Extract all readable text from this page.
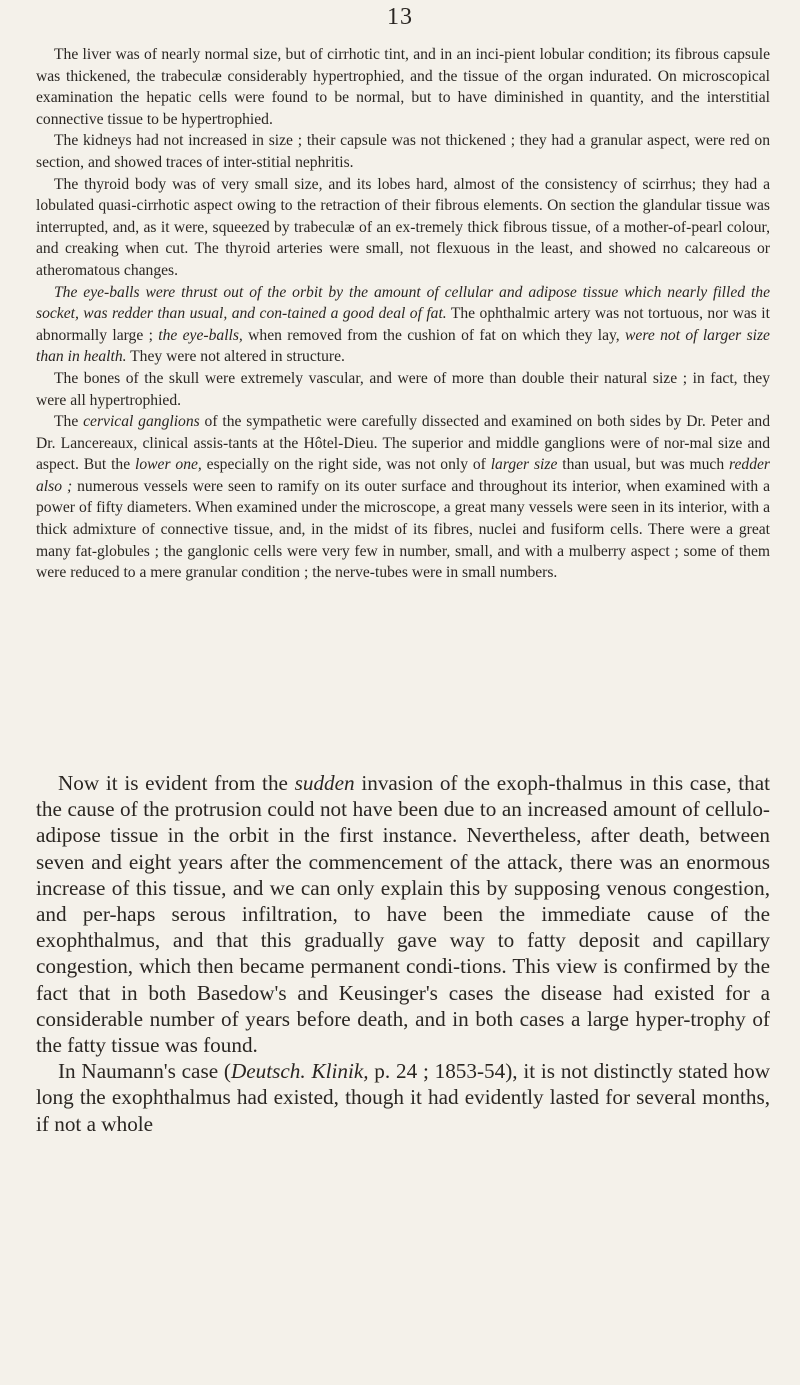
13

The liver was of nearly normal size, but of cirrhotic tint, and in an inci-pient lobular condition; its fibrous capsule was thickened, the trabeculæ considerably hypertrophied, and the tissue of the organ indurated. On microscopical examination the hepatic cells were found to be normal, but to have diminished in quantity, and the interstitial connective tissue to be hypertrophied.

The kidneys had not increased in size ; their capsule was not thickened ; they had a granular aspect, were red on section, and showed traces of inter-stitial nephritis.

The thyroid body was of very small size, and its lobes hard, almost of the consistency of scirrhus; they had a lobulated quasi-cirrhotic aspect owing to the retraction of their fibrous elements. On section the glandular tissue was interrupted, and, as it were, squeezed by trabeculæ of an ex-tremely thick fibrous tissue, of a mother-of-pearl colour, and creaking when cut. The thyroid arteries were small, not flexuous in the least, and showed no calcareous or atheromatous changes.

The eye-balls were thrust out of the orbit by the amount of cellular and adipose tissue which nearly filled the socket, was redder than usual, and con-tained a good deal of fat. The ophthalmic artery was not tortuous, nor was it abnormally large ; the eye-balls, when removed from the cushion of fat on which they lay, were not of larger size than in health. They were not altered in structure.

The bones of the skull were extremely vascular, and were of more than double their natural size ; in fact, they were all hypertrophied.

The cervical ganglions of the sympathetic were carefully dissected and examined on both sides by Dr. Peter and Dr. Lancereaux, clinical assis-tants at the Hôtel-Dieu. The superior and middle ganglions were of nor-mal size and aspect. But the lower one, especially on the right side, was not only of larger size than usual, but was much redder also ; numerous vessels were seen to ramify on its outer surface and throughout its interior, when examined with a power of fifty diameters. When examined under the microscope, a great many vessels were seen in its interior, with a thick admixture of connective tissue, and, in the midst of its fibres, nuclei and fusiform cells. There were a great many fat-globules ; the ganglonic cells were very few in number, small, and with a mulberry aspect ; some of them were reduced to a mere granular condition ; the nerve-tubes were in small numbers.

Now it is evident from the sudden invasion of the exoph-thalmus in this case, that the cause of the protrusion could not have been due to an increased amount of cellulo-adipose tissue in the orbit in the first instance. Nevertheless, after death, between seven and eight years after the commencement of the attack, there was an enormous increase of this tissue, and we can only explain this by supposing venous congestion, and per-haps serous infiltration, to have been the immediate cause of the exophthalmus, and that this gradually gave way to fatty deposit and capillary congestion, which then became permanent condi-tions. This view is confirmed by the fact that in both Basedow's and Keusinger's cases the disease had existed for a considerable number of years before death, and in both cases a large hyper-trophy of the fatty tissue was found.

In Naumann's case (Deutsch. Klinik, p. 24 ; 1853-54), it is not distinctly stated how long the exophthalmus had existed, though it had evidently lasted for several months, if not a whole
